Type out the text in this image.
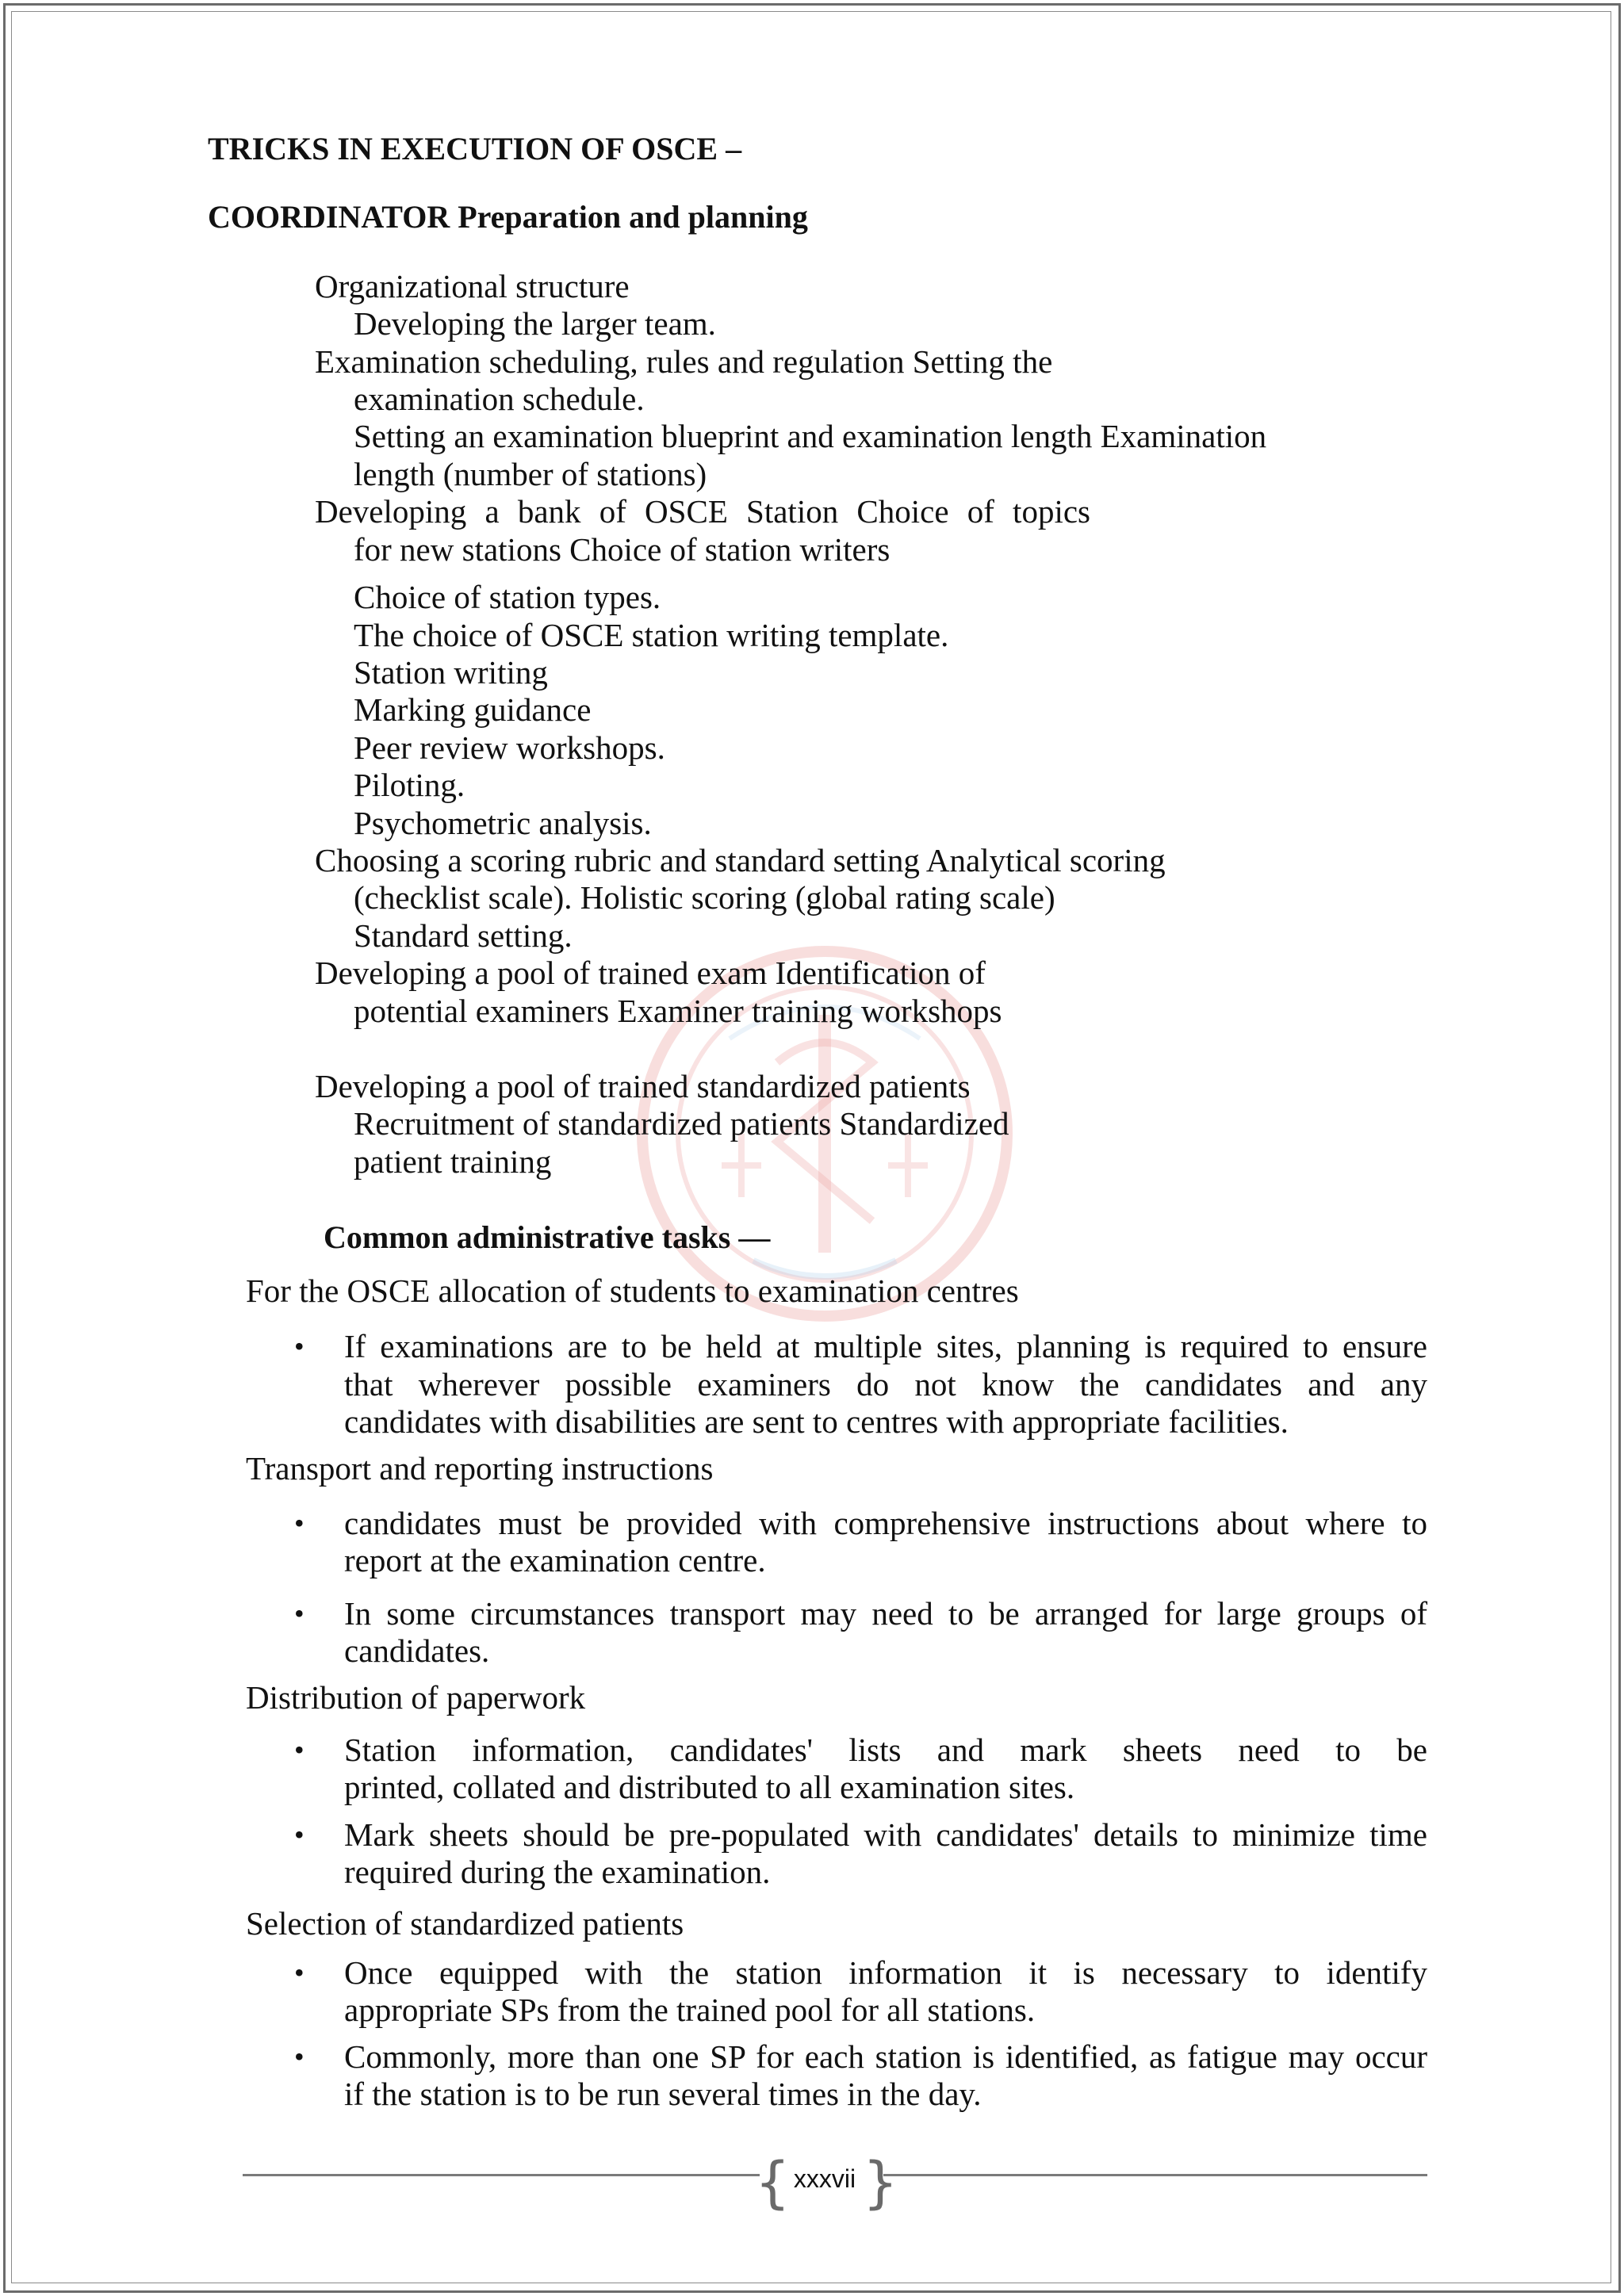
TRICKS IN EXECUTION OF OSCE –
COORDINATOR Preparation and planning
Organizational structure
Developing the larger team.
Examination scheduling, rules and regulation Setting the
examination schedule.
Setting an examination blueprint and examination length Examination
length (number of stations)
Developing a bank of OSCE Station Choice of topics
for new stations Choice of station writers
Choice of station types.
The choice of OSCE station writing template.
Station writing
Marking guidance
Peer review workshops.
Piloting.
Psychometric analysis.
Choosing a scoring rubric and standard setting Analytical scoring
(checklist scale). Holistic scoring (global rating scale)
Standard setting.
Developing a pool of trained exam Identification of
potential examiners Examiner training workshops
Developing a pool of trained standardized patients
Recruitment of standardized patients Standardized
patient training
Common administrative tasks —
For the OSCE allocation of students to examination centres
• If examinations are to be held at multiple sites, planning is required to ensure
that wherever possible examiners do not know the candidates and any
candidates with disabilities are sent to centres with appropriate facilities.
Transport and reporting instructions
• candidates must be provided with comprehensive instructions about where to
report at the examination centre.
• In some circumstances transport may need to be arranged for large groups of
candidates.
Distribution of paperwork
• Station information, candidates' lists and mark sheets need to be
printed, collated and distributed to all examination sites.
• Mark sheets should be pre-populated with candidates' details to minimize time
required during the examination.
Selection of standardized patients
• Once equipped with the station information it is necessary to identify
appropriate SPs from the trained pool for all stations.
• Commonly, more than one SP for each station is identified, as fatigue may occur
if the station is to be run several times in the day.
{ }
xxxvii
